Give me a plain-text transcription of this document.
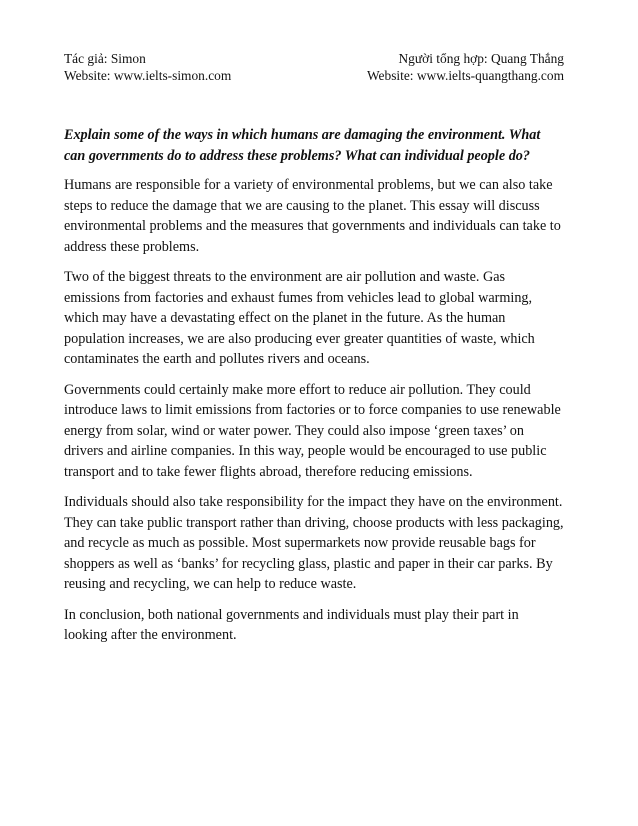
Tác giả: Simon
Website: www.ielts-simon.com
Người tổng hợp: Quang Thắng
Website: www.ielts-quangthang.com
Explain some of the ways in which humans are damaging the environment. What can governments do to address these problems? What can individual people do?

Humans are responsible for a variety of environmental problems, but we can also take steps to reduce the damage that we are causing to the planet. This essay will discuss environmental problems and the measures that governments and individuals can take to address these problems.

Two of the biggest threats to the environment are air pollution and waste. Gas emissions from factories and exhaust fumes from vehicles lead to global warming, which may have a devastating effect on the planet in the future. As the human population increases, we are also producing ever greater quantities of waste, which contaminates the earth and pollutes rivers and oceans.

Governments could certainly make more effort to reduce air pollution. They could introduce laws to limit emissions from factories or to force companies to use renewable energy from solar, wind or water power. They could also impose ‘green taxes’ on drivers and airline companies. In this way, people would be encouraged to use public transport and to take fewer flights abroad, therefore reducing emissions.

Individuals should also take responsibility for the impact they have on the environment. They can take public transport rather than driving, choose products with less packaging, and recycle as much as possible. Most supermarkets now provide reusable bags for shoppers as well as ‘banks’ for recycling glass, plastic and paper in their car parks. By reusing and recycling, we can help to reduce waste.

In conclusion, both national governments and individuals must play their part in looking after the environment.
